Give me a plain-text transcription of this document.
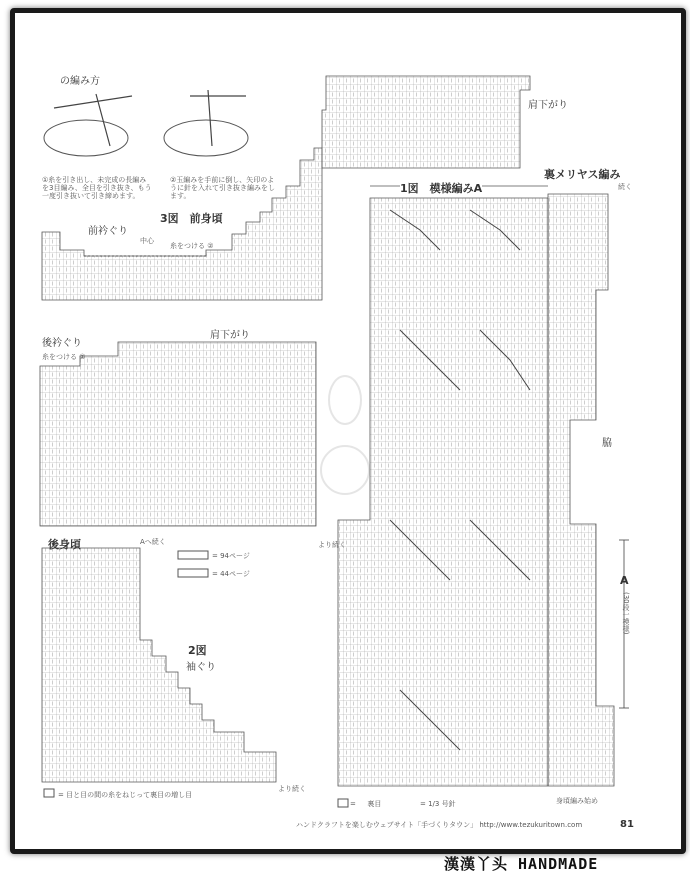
の編み方
①糸を引き出し、未完成の長編みを3目編み、全目を引き抜き、もう一度引き抜いて引き締めます。
②玉編みを手前に倒し、矢印のように針を入れて引き抜き編みをします。
3図　前身頃
前衿ぐり
中心
糸をつける ②
後衿ぐり
肩下がり
糸をつける ②
より続く
後身頃	Aへ続く
= 94ページ
= 44ページ
2図
袖ぐり
より続く
1図　模様編みA
裏メリヤス編み
続く
脇
A
(30段一模様)
身頃編み始め
肩下がり
= 目と目の間の糸をねじって裏目の増し目
= 　 裏目	= 1/3 号針
ハンドクラフトを楽しむウェブサイト「手づくりタウン」 http://www.tezukuritown.com	81
漢漢丫头 HANDMADE
